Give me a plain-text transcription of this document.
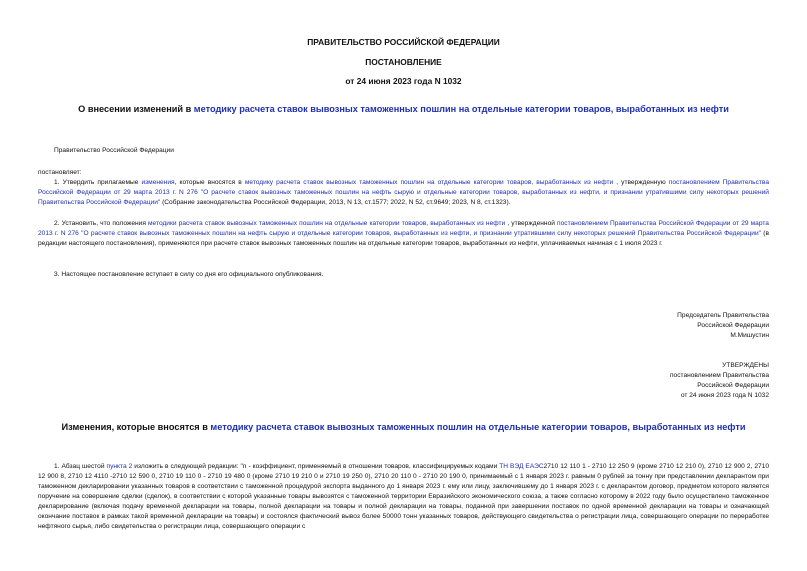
ПРАВИТЕЛЬСТВО РОССИЙСКОЙ ФЕДЕРАЦИИ
ПОСТАНОВЛЕНИЕ
от 24 июня 2023 года N 1032
О внесении изменений в методику расчета ставок вывозных таможенных пошлин на отдельные категории товаров, выработанных из нефти
Правительство Российской Федерации
постановляет:
1. Утвердить прилагаемые изменения, которые вносятся в методику расчета ставок вывозных таможенных пошлин на отдельные категории товаров, выработанных из нефти , утвержденную постановлением Правительства Российской Федерации от 29 марта 2013 г. N 276 "О расчете ставок вывозных таможенных пошлин на нефть сырую и отдельные категории товаров, выработанных из нефти, и признании утратившими силу некоторых решений Правительства Российской Федерации" (Собрание законодательства Российской Федерации, 2013, N 13, ст.1577; 2022, N 52, ст.9649; 2023, N 8, ст.1323).
2. Установить, что положения методики расчета ставок вывозных таможенных пошлин на отдельные категории товаров, выработанных из нефти , утвержденной постановлением Правительства Российской Федерации от 29 марта 2013 г. N 276 "О расчете ставок вывозных таможенных пошлин на нефть сырую и отдельные категории товаров, выработанных из нефти, и признании утратившими силу некоторых решений Правительства Российской Федерации" (в редакции настоящего постановления), применяются при расчете ставок вывозных таможенных пошлин на отдельные категории товаров, выработанных из нефти, уплачиваемых начиная с 1 июля 2023 г.
3. Настоящее постановление вступает в силу со дня его официального опубликования.
Председатель Правительства
Российской Федерации
М.Мишустин
УТВЕРЖДЕНЫ
постановлением Правительства
Российской Федерации
от 24 июня 2023 года N 1032
Изменения, которые вносятся в методику расчета ставок вывозных таможенных пошлин на отдельные категории товаров, выработанных из нефти
1. Абзац шестой пункта 2 изложить в следующей редакции: "n - коэффициент, применяемый в отношении товаров, классифицируемых кодами ТН ВЭД ЕАЭС2710 12 110 1 - 2710 12 250 9 (кроме 2710 12 210 0), 2710 12 900 2, 2710 12 900 8, 2710 12 4110 -2710 12 590 0, 2710 19 110 0 - 2710 19 480 0 (кроме 2710 19 210 0 и 2710 19 250 0), 2710 20 110 0 - 2710 20 190 0, принимаемый с 1 января 2023 г. равным 0 рублей за тонну при представлении декларантом при таможенном декларировании указанных товаров в соответствии с таможенной процедурой экспорта выданного до 1 января 2023 г. ему или лицу, заключившему до 1 января 2023 г. с декларантом договор, предметом которого является поручение на совершение сделки (сделок), в соответствии с которой указанные товары вывозятся с таможенной территории Евразийского экономического союза, а также согласно которому в 2022 году было осуществлено таможенное декларирование (включая подачу временной декларации на товары, полной декларации на товары и полной декларации на товары, поданной при завершении поставок по одной временной декларации на товары и означающей окончание поставок в рамках такой временной декларации на товары) и состоялся фактический вывоз более 50000 тонн указанных товаров, действующего свидетельства о регистрации лица, совершающего операции по переработке нефтяного сырья, либо свидетельства о регистрации лица, совершающего операции с
